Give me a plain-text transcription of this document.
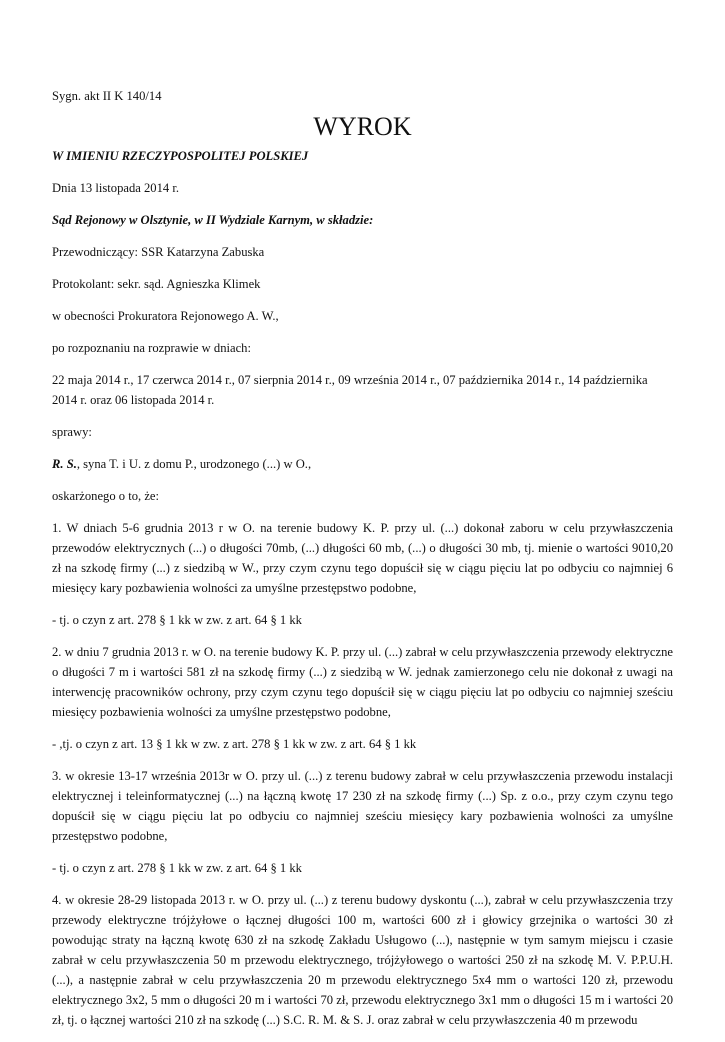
Sygn. akt II K 140/14

WYROK

W IMIENIU RZECZYPOSPOLITEJ POLSKIEJ

Dnia 13 listopada 2014 r.

Sąd Rejonowy w Olsztynie, w II Wydziale Karnym, w składzie:

Przewodniczący: SSR Katarzyna Zabuska

Protokolant: sekr. sąd. Agnieszka Klimek

w obecności Prokuratora Rejonowego A. W.,

po rozpoznaniu na rozprawie w dniach:

22 maja 2014 r., 17 czerwca 2014 r., 07 sierpnia 2014 r., 09 września 2014 r., 07 października 2014 r., 14 października 2014 r. oraz 06 listopada 2014 r.

sprawy:

R. S., syna T. i U. z domu P., urodzonego (...) w O.,

oskarżonego o to, że:

1. W dniach 5-6 grudnia 2013 r w O. na terenie budowy K. P. przy ul. (...) dokonał zaboru w celu przywłaszczenia przewodów elektrycznych (...) o długości 70mb, (...) długości 60 mb, (...) o długości 30 mb, tj. mienie o wartości 9010,20 zł na szkodę firmy (...) z siedzibą w W., przy czym czynu tego dopuścił się w ciągu pięciu lat po odbyciu co najmniej 6 miesięcy kary pozbawienia wolności za umyślne przestępstwo podobne,

- tj. o czyn z art. 278 § 1 kk w zw. z art. 64 § 1 kk

2. w dniu 7 grudnia 2013 r. w O. na terenie budowy K. P. przy ul. (...) zabrał w celu przywłaszczenia przewody elektryczne o długości 7 m i wartości 581 zł na szkodę firmy (...) z siedzibą w W. jednak zamierzonego celu nie dokonał z uwagi na interwencję pracowników ochrony, przy czym czynu tego dopuścił się w ciągu pięciu lat po odbyciu co najmniej sześciu miesięcy pozbawienia wolności za umyślne przestępstwo podobne,

- ,tj. o czyn z art. 13 § 1 kk w zw. z art. 278 § 1 kk w zw. z art. 64 § 1 kk

3. w okresie 13-17 września 2013r w O. przy ul. (...) z terenu budowy zabrał w celu przywłaszczenia przewodu instalacji elektrycznej i teleinformatycznej (...) na łączną kwotę 17 230 zł na szkodę firmy (...) Sp. z o.o., przy czym czynu tego dopuścił się w ciągu pięciu lat po odbyciu co najmniej sześciu miesięcy kary pozbawienia wolności za umyślne przestępstwo podobne,

- tj. o czyn z art. 278 § 1 kk w zw. z art. 64 § 1 kk

4. w okresie 28-29 listopada 2013 r. w O. przy ul. (...) z terenu budowy dyskontu (...), zabrał w celu przywłaszczenia trzy przewody elektryczne trójżyłowe o łącznej długości 100 m, wartości 600 zł i głowicy grzejnika o wartości 30 zł powodując straty na łączną kwotę 630 zł na szkodę Zakładu Usługowo (...), następnie w tym samym miejscu i czasie zabrał w celu przywłaszczenia 50 m przewodu elektrycznego, trójżyłowego o wartości 250 zł na szkodę M. V. P.P.U.H. (...), a następnie zabrał w celu przywłaszczenia 20 m przewodu elektrycznego 5x4 mm o wartości 120 zł, przewodu elektrycznego 3x2, 5 mm o długości 20 m i wartości 70 zł, przewodu elektrycznego 3x1 mm o długości 15 m i wartości 20 zł, tj. o łącznej wartości 210 zł na szkodę (...) S.C. R. M. & S. J. oraz zabrał w celu przywłaszczenia 40 m przewodu
